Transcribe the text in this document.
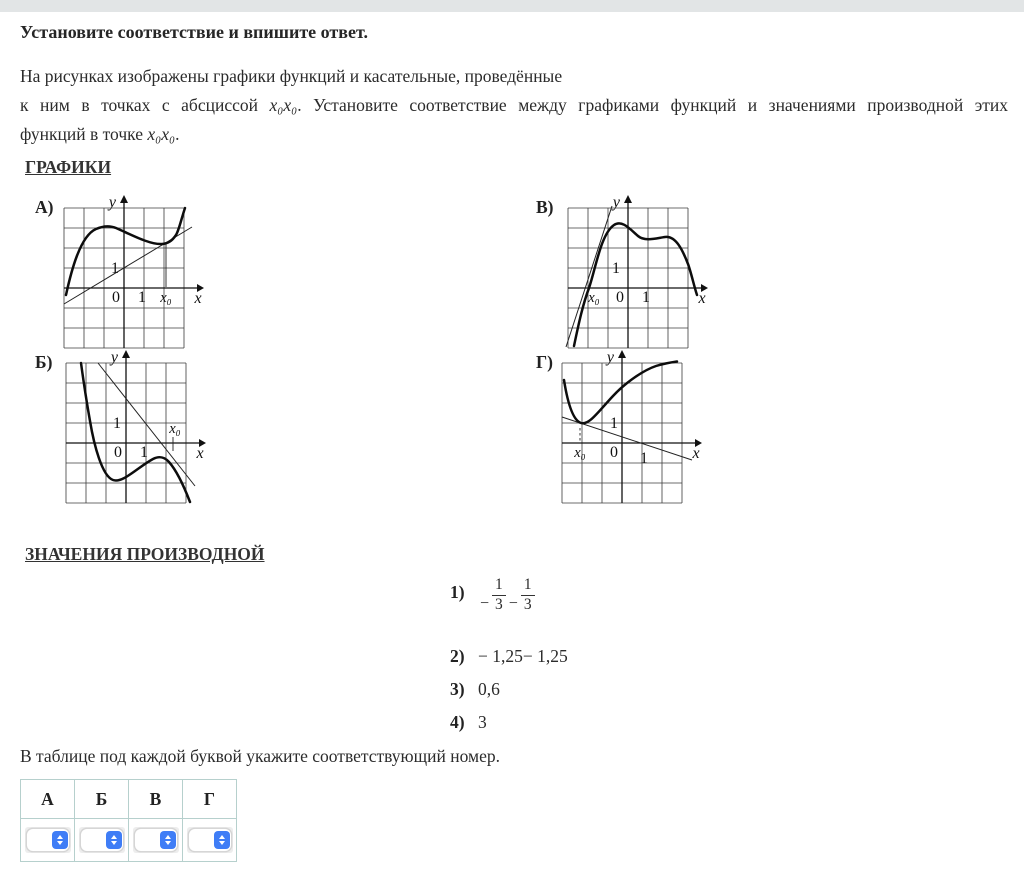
Установите соответствие и впишите ответ.
На рисунках изображены графики функций и касательные, проведённые
к ним в точках с абсциссой x₀x₀. Установите соответствие между графиками функций и значениями производной этих
функций в точке x₀x₀.
ГРАФИКИ
А)	y
1
0 1 x₀ x
В)	y
1
0 1
x₀	x
Б)	y
1
0 1
x₀
x
Г)	y
1
0 1
x₀	x
ЗНАЧЕНИЯ ПРОИЗВОДНОЙ
1)
− $\frac{1}{3} - \frac{1}{3}$
2) − 1,25− 1,25
3) 0,6
4) 3
В таблице под каждой буквой укажите соответствующий номер.
А	Б	В	Г
